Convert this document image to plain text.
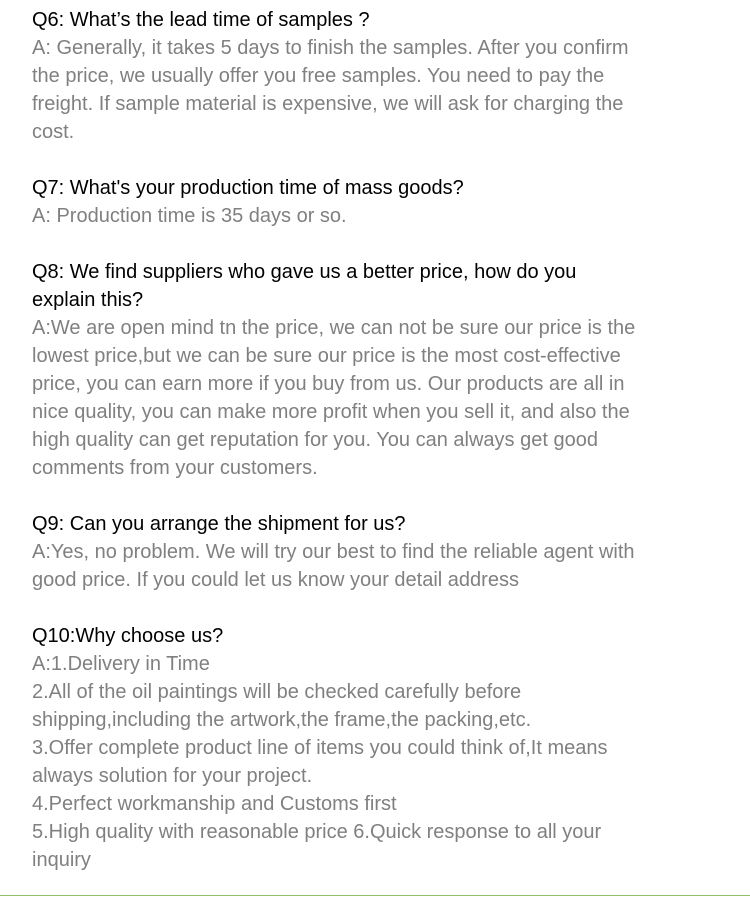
Q6: What’s the lead time of samples ?
A: Generally, it takes 5 days to finish the samples. After you confirm
the price, we usually offer you free samples. You need to pay the
freight. If sample material is expensive, we will ask for charging the
cost.
Q7: What's your production time of mass goods?
A: Production time is 35 days or so.
Q8: We find suppliers who gave us a better price, how do you
explain this?
A:We are open mind tn the price, we can not be sure our price is the
lowest price,but we can be sure our price is the most cost-effective
price, you can earn more if you buy from us. Our products are all in
nice quality, you can make more profit when you sell it, and also the
high quality can get reputation for you. You can always get good
comments from your customers.
Q9: Can you arrange the shipment for us?
A:Yes, no problem. We will try our best to find the reliable agent with
good price. If you could let us know your detail address
Q10:Why choose us?
A:1.Delivery in Time
2.All of the oil paintings will be checked carefully before
shipping,including the artwork,the frame,the packing,etc.
3.Offer complete product line of items you could think of,It means
always solution for your project.
4.Perfect workmanship and Customs first
5.High quality with reasonable price 6.Quick response to all your
inquiry
